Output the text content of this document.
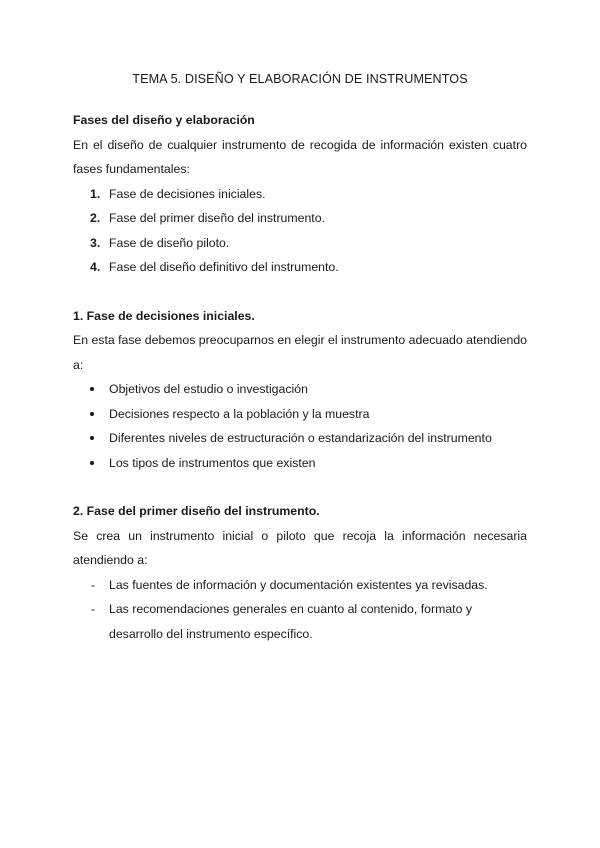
TEMA 5. DISEÑO Y ELABORACIÓN DE INSTRUMENTOS
Fases del diseño y elaboración

En el diseño de cualquier instrumento de recogida de información existen cuatro fases fundamentales:

1. Fase de decisiones iniciales.
2. Fase del primer diseño del instrumento.
3. Fase de diseño piloto.
4. Fase del diseño definitivo del instrumento.
1. Fase de decisiones iniciales.

En esta fase debemos preocuparnos en elegir el instrumento adecuado atendiendo a:

Objetivos del estudio o investigación
Decisiones respecto a la población y la muestra
Diferentes niveles de estructuración o estandarización del instrumento
Los tipos de instrumentos que existen
2. Fase del primer diseño del instrumento.

Se crea un instrumento inicial o piloto que recoja la información necesaria atendiendo a:

- Las fuentes de información y documentación existentes ya revisadas.
- Las recomendaciones generales en cuanto al contenido, formato y desarrollo del instrumento específico.
